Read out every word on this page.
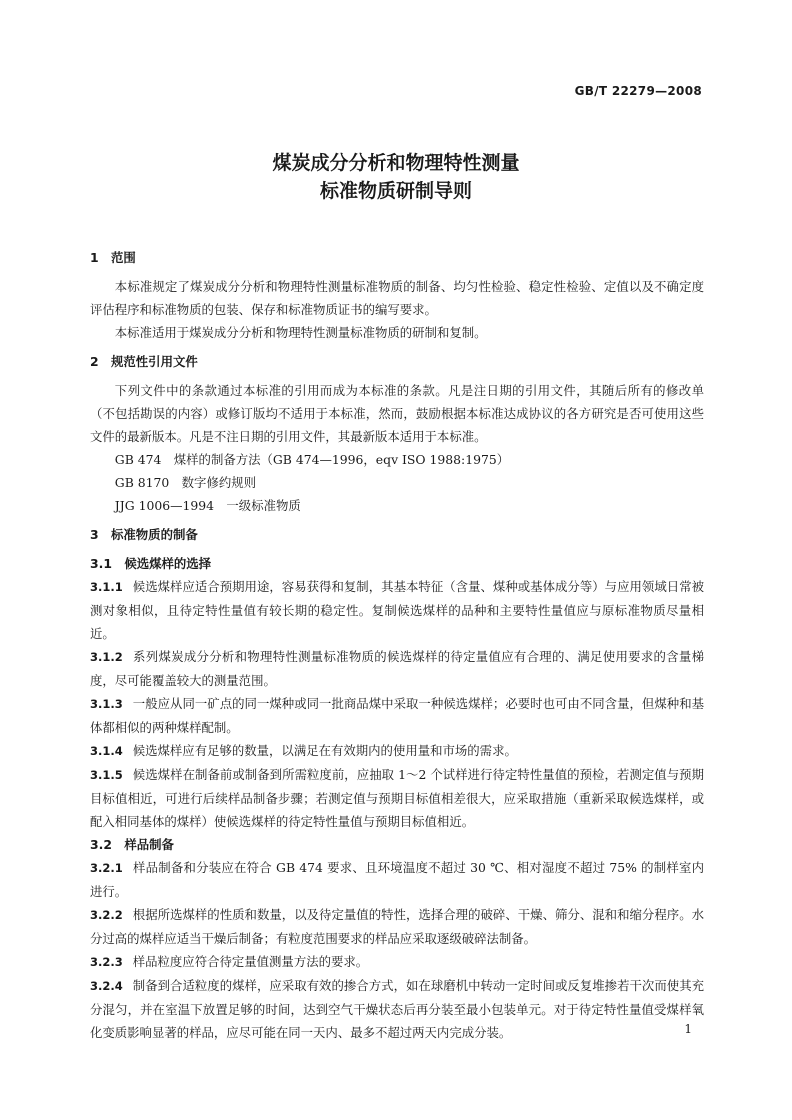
GB/T 22279—2008
煤炭成分分析和物理特性测量
标准物质研制导则
1　范围
本标准规定了煤炭成分分析和物理特性测量标准物质的制备、均匀性检验、稳定性检验、定值以及不确定度评估程序和标准物质的包装、保存和标准物质证书的编写要求。
本标准适用于煤炭成分分析和物理特性测量标准物质的研制和复制。
2　规范性引用文件
下列文件中的条款通过本标准的引用而成为本标准的条款。凡是注日期的引用文件，其随后所有的修改单（不包括勘误的内容）或修订版均不适用于本标准，然而，鼓励根据本标准达成协议的各方研究是否可使用这些文件的最新版本。凡是不注日期的引用文件，其最新版本适用于本标准。
GB 474　煤样的制备方法（GB 474—1996，eqv ISO 1988:1975）
GB 8170　数字修约规则
JJG 1006—1994　一级标准物质
3　标准物质的制备
3.1　候选煤样的选择
3.1.1 候选煤样应适合预期用途，容易获得和复制，其基本特征（含量、煤种或基体成分等）与应用领域日常被测对象相似，且待定特性量值有较长期的稳定性。复制候选煤样的品种和主要特性量值应与原标准物质尽量相近。
3.1.2 系列煤炭成分分析和物理特性测量标准物质的候选煤样的待定量值应有合理的、满足使用要求的含量梯度，尽可能覆盖较大的测量范围。
3.1.3 一般应从同一矿点的同一煤种或同一批商品煤中采取一种候选煤样；必要时也可由不同含量，但煤种和基体都相似的两种煤样配制。
3.1.4 候选煤样应有足够的数量，以满足在有效期内的使用量和市场的需求。
3.1.5 候选煤样在制备前或制备到所需粒度前，应抽取 1～2 个试样进行待定特性量值的预检，若测定值与预期目标值相近，可进行后续样品制备步骤；若测定值与预期目标值相差很大，应采取措施（重新采取候选煤样，或配入相同基体的煤样）使候选煤样的待定特性量值与预期目标值相近。
3.2　样品制备
3.2.1 样品制备和分装应在符合 GB 474 要求、且环境温度不超过 30 ℃、相对湿度不超过 75% 的制样室内进行。
3.2.2 根据所选煤样的性质和数量，以及待定量值的特性，选择合理的破碎、干燥、筛分、混和和缩分程序。水分过高的煤样应适当干燥后制备；有粒度范围要求的样品应采取逐级破碎法制备。
3.2.3 样品粒度应符合待定量值测量方法的要求。
3.2.4 制备到合适粒度的煤样，应采取有效的掺合方式，如在球磨机中转动一定时间或反复堆掺若干次而使其充分混匀，并在室温下放置足够的时间，达到空气干燥状态后再分装至最小包装单元。对于待定特性量值受煤样氧化变质影响显著的样品，应尽可能在同一天内、最多不超过两天内完成分装。	1
